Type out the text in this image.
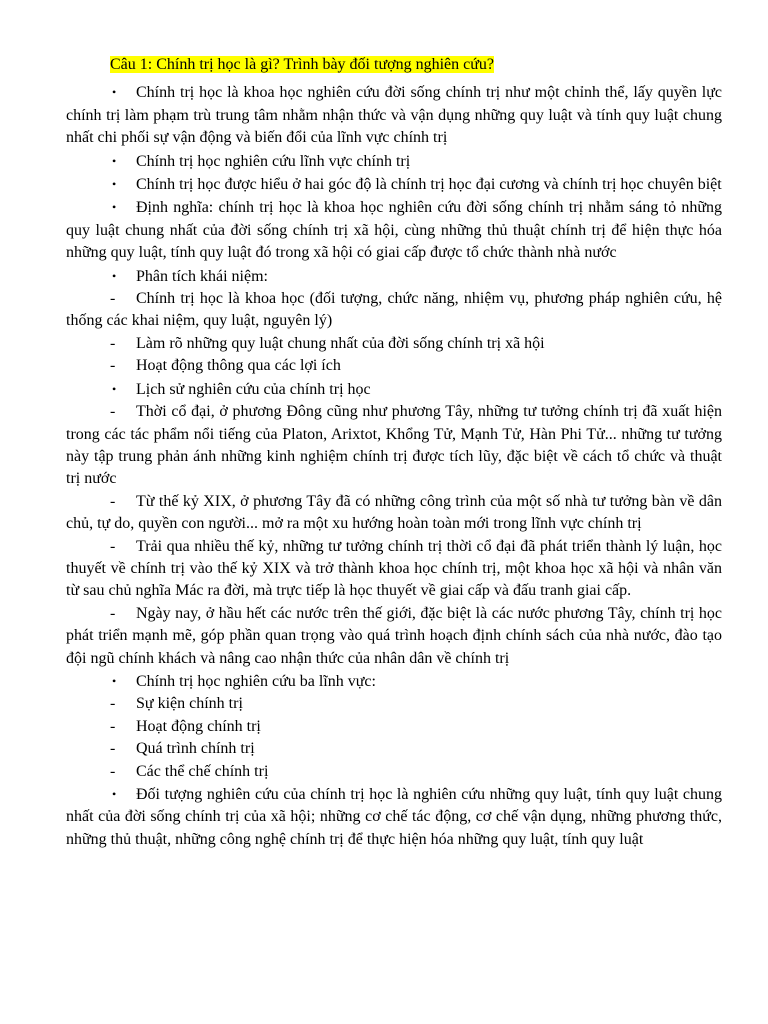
Câu 1: Chính trị học là gì? Trình bày đối tượng nghiên cứu?

• Chính trị học là khoa học nghiên cứu đời sống chính trị như một chỉnh thể, lấy quyền lực chính trị làm phạm trù trung tâm nhằm nhận thức và vận dụng những quy luật và tính quy luật chung nhất chi phối sự vận động và biến đổi của lĩnh vực chính trị

• Chính trị học nghiên cứu lĩnh vực chính trị

• Chính trị học được hiểu ở hai góc độ là chính trị học đại cương và chính trị học chuyên biệt

• Định nghĩa: chính trị học là khoa học nghiên cứu đời sống chính trị nhằm sáng tỏ những quy luật chung nhất của đời sống chính trị xã hội, cùng những thủ thuật chính trị để hiện thực hóa những quy luật, tính quy luật đó trong xã hội có giai cấp được tổ chức thành nhà nước

• Phân tích khái niệm:

- Chính trị học là khoa học (đối tượng, chức năng, nhiệm vụ, phương pháp nghiên cứu, hệ thống các khai niệm, quy luật, nguyên lý)

- Làm rõ những quy luật chung nhất của đời sống chính trị xã hội

- Hoạt động thông qua các lợi ích

• Lịch sử nghiên cứu của chính trị học

- Thời cổ đại, ở phương Đông cũng như phương Tây, những tư tưởng chính trị đã xuất hiện trong các tác phẩm nổi tiếng của Platon, Arixtot, Khổng Tử, Mạnh Tử, Hàn Phi Tử... những tư tưởng này tập trung phản ánh những kinh nghiệm chính trị được tích lũy, đặc biệt về cách tổ chức và thuật trị nước

- Từ thế kỷ XIX, ở phương Tây đã có những công trình của một số nhà tư tưởng bàn về dân chủ, tự do, quyền con người... mở ra một xu hướng hoàn toàn mới trong lĩnh vực chính trị

- Trải qua nhiều thế kỷ, những tư tưởng chính trị thời cổ đại đã phát triển thành lý luận, học thuyết về chính trị vào thế kỷ XIX và trở thành khoa học chính trị, một khoa học xã hội và nhân văn từ sau chủ nghĩa Mác ra đời, mà trực tiếp là học thuyết về giai cấp và đấu tranh giai cấp.

- Ngày nay, ở hầu hết các nước trên thế giới, đặc biệt là các nước phương Tây, chính trị học phát triển mạnh mẽ, góp phần quan trọng vào quá trình hoạch định chính sách của nhà nước, đào tạo đội ngũ chính khách và nâng cao nhận thức của nhân dân về chính trị

• Chính trị học nghiên cứu ba lĩnh vực:

- Sự kiện chính trị

- Hoạt động chính trị

- Quá trình chính trị

- Các thể chế chính trị

• Đối tượng nghiên cứu của chính trị học là nghiên cứu những quy luật, tính quy luật chung nhất của đời sống chính trị của xã hội; những cơ chế tác động, cơ chế vận dụng, những phương thức, những thủ thuật, những công nghệ chính trị để thực hiện hóa những quy luật, tính quy luật
